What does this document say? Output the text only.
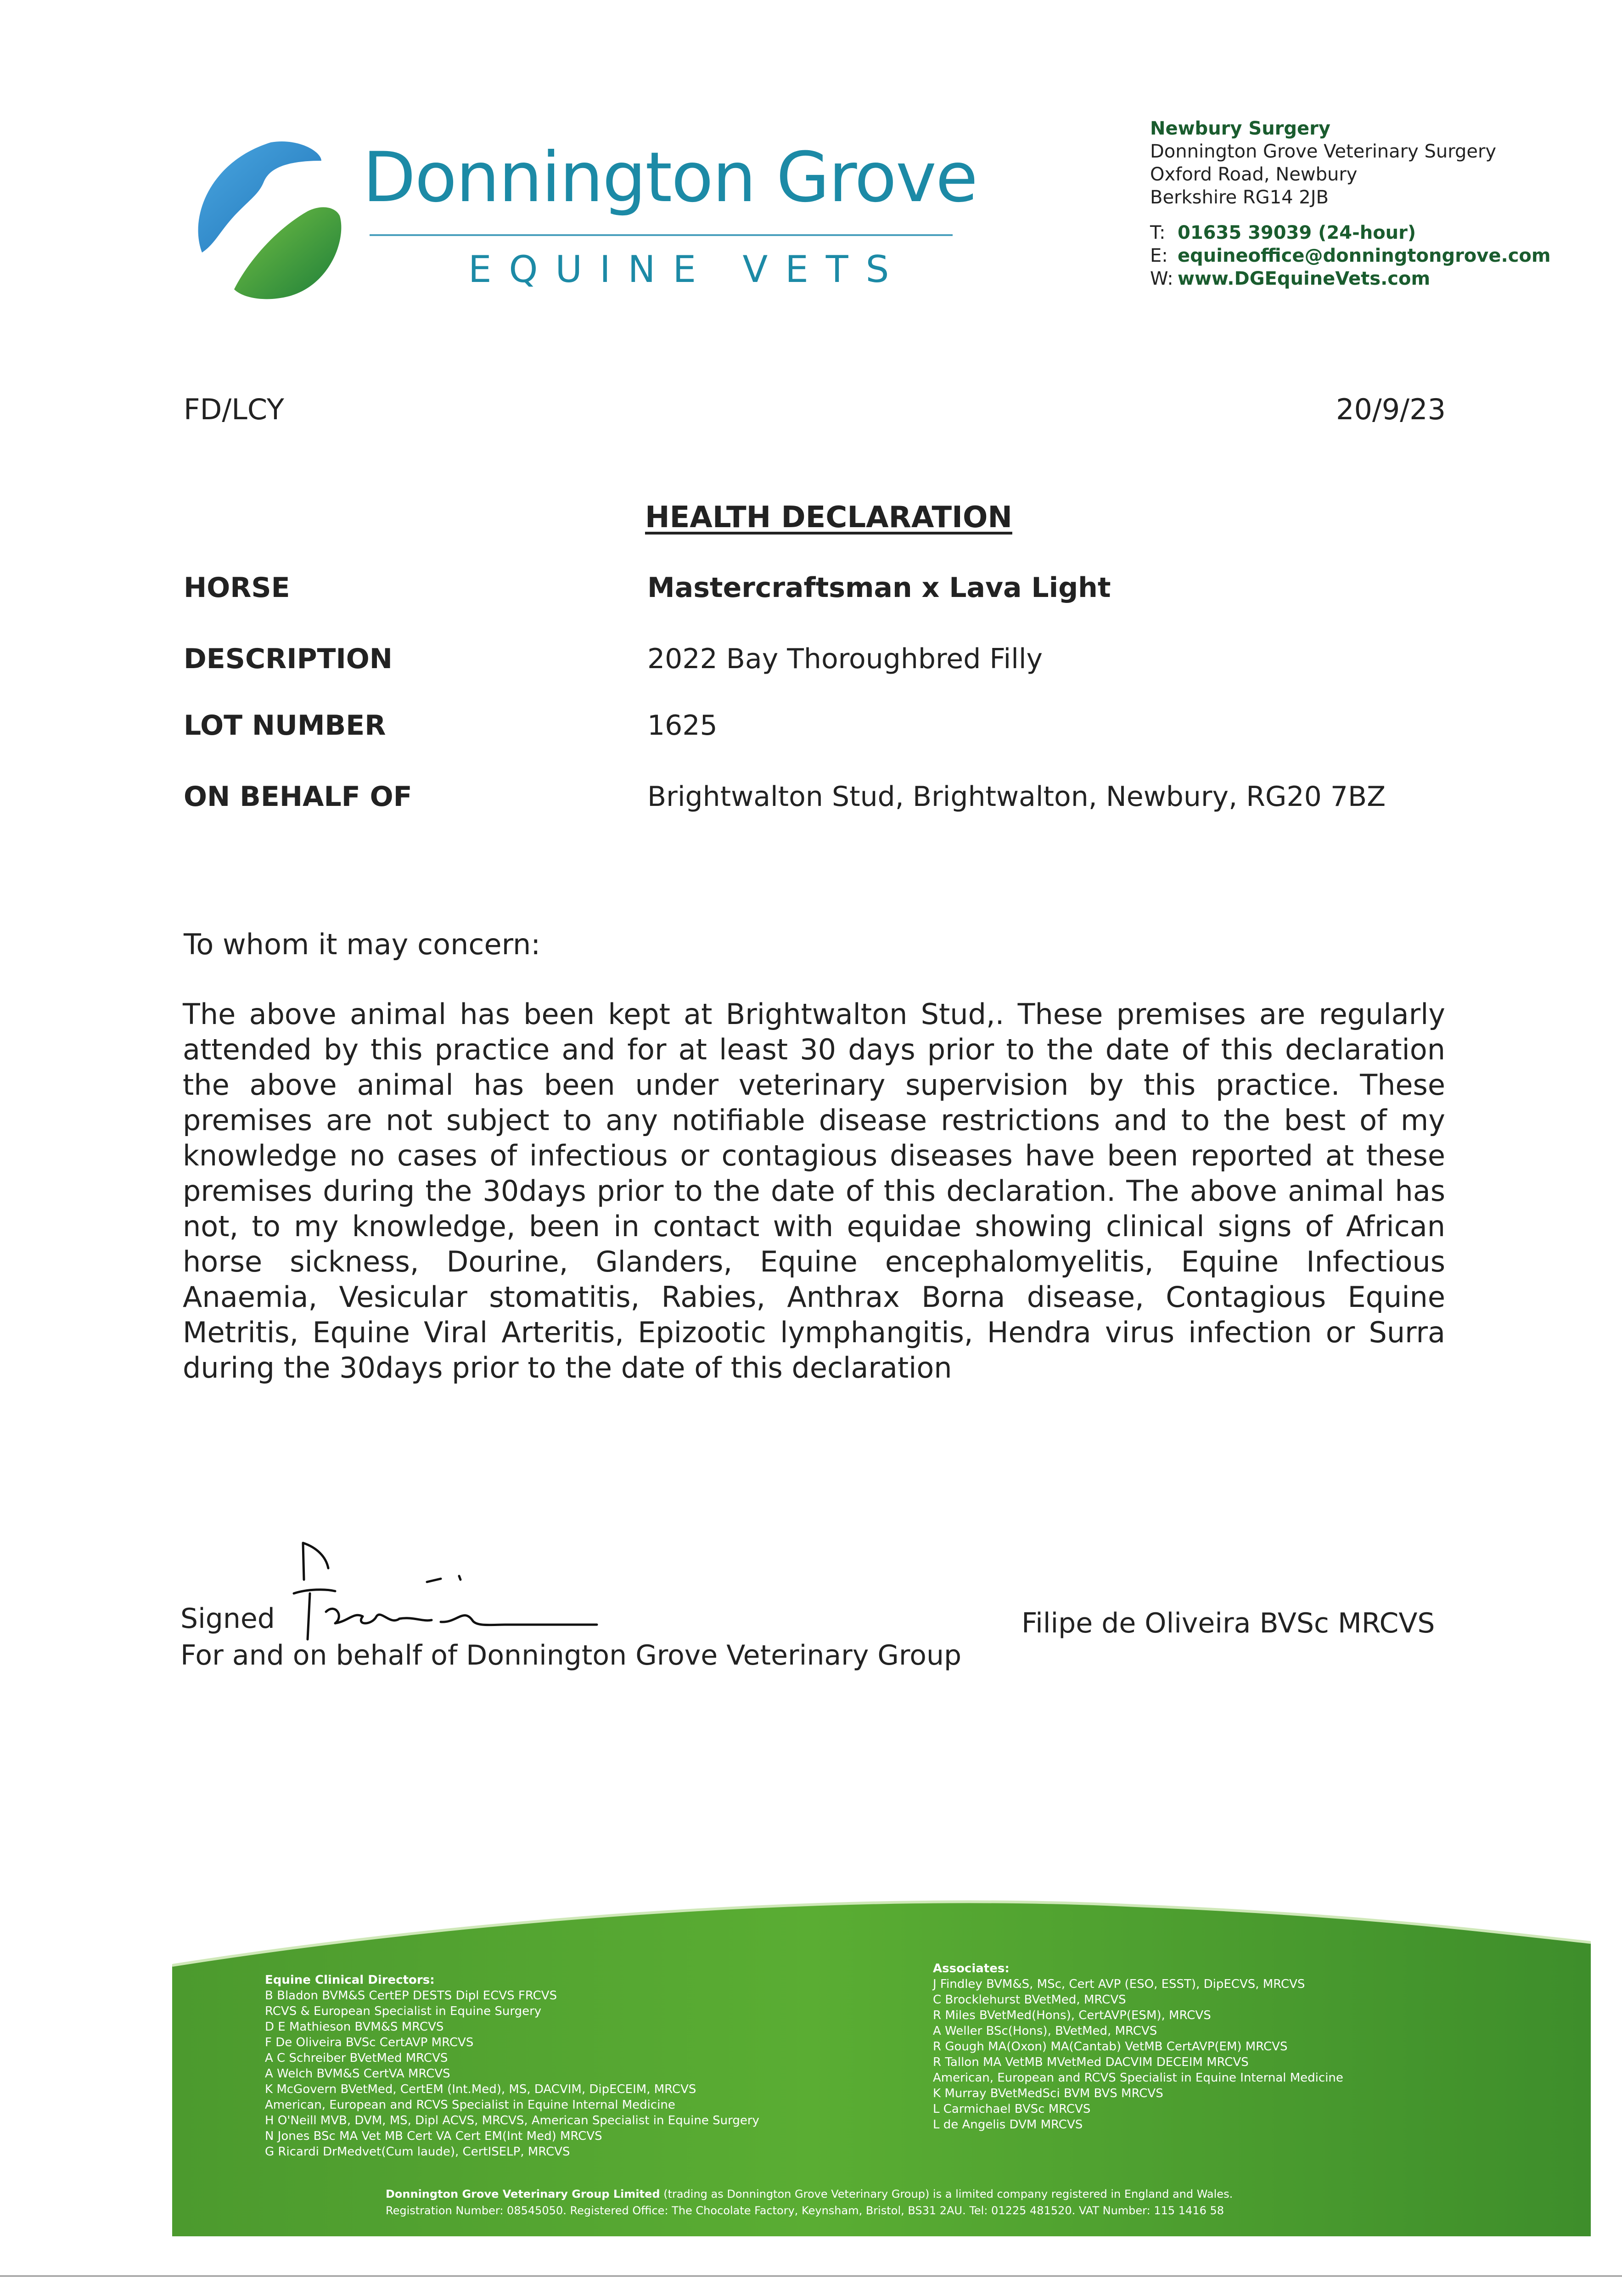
Donnington Grove
EQUINE VETS
Newbury Surgery
Donnington Grove Veterinary Surgery
Oxford Road, Newbury
Berkshire RG14 2JB
T: 01635 39039 (24-hour)
E: equineoffice@donningtongrove.com
W: www.DGEquineVets.com
FD/LCY	20/9/23
HEALTH DECLARATION
HORSE	Mastercraftsman x Lava Light
DESCRIPTION	2022 Bay Thoroughbred Filly
LOT NUMBER	1625
ON BEHALF OF	Brightwalton Stud, Brightwalton, Newbury, RG20 7BZ
To whom it may concern:
The above animal has been kept at Brightwalton Stud,. These premises are regularly attended by this practice and for at least 30 days prior to the date of this declaration the above animal has been under veterinary supervision by this practice. These premises are not subject to any notifiable disease restrictions and to the best of my knowledge no cases of infectious or contagious diseases have been reported at these premises during the 30days prior to the date of this declaration. The above animal has not, to my knowledge, been in contact with equidae showing clinical signs of African horse sickness, Dourine, Glanders, Equine encephalomyelitis, Equine Infectious Anaemia, Vesicular stomatitis, Rabies, Anthrax Borna disease, Contagious Equine Metritis, Equine Viral Arteritis, Epizootic lymphangitis, Hendra virus infection or Surra during the 30days prior to the date of this declaration
Signed
For and on behalf of Donnington Grove Veterinary Group
Filipe de Oliveira BVSc MRCVS
Equine Clinical Directors:
B Bladon BVM&S CertEP DESTS Dipl ECVS FRCVS
RCVS & European Specialist in Equine Surgery
D E Mathieson BVM&S MRCVS
F De Oliveira BVSc CertAVP MRCVS
A C Schreiber BVetMed MRCVS
A Welch BVM&S CertVA MRCVS
K McGovern BVetMed, CertEM (Int.Med), MS, DACVIM, DipECEIM, MRCVS
American, European and RCVS Specialist in Equine Internal Medicine
H O'Neill MVB, DVM, MS, Dipl ACVS, MRCVS, American Specialist in Equine Surgery
N Jones BSc MA Vet MB Cert VA Cert EM(Int Med) MRCVS
G Ricardi DrMedvet(Cum laude), CertISELP, MRCVS
Associates:
J Findley BVM&S, MSc, Cert AVP (ESO, ESST), DipECVS, MRCVS
C Brocklehurst BVetMed, MRCVS
R Miles BVetMed(Hons), CertAVP(ESM), MRCVS
A Weller BSc(Hons), BVetMed, MRCVS
R Gough MA(Oxon) MA(Cantab) VetMB CertAVP(EM) MRCVS
R Tallon MA VetMB MVetMed DACVIM DECEIM MRCVS
American, European and RCVS Specialist in Equine Internal Medicine
K Murray BVetMedSci BVM BVS MRCVS
L Carmichael BVSc MRCVS
L de Angelis DVM MRCVS
Donnington Grove Veterinary Group Limited (trading as Donnington Grove Veterinary Group) is a limited company registered in England and Wales.
Registration Number: 08545050. Registered Office: The Chocolate Factory, Keynsham, Bristol, BS31 2AU. Tel: 01225 481520. VAT Number: 115 1416 58
